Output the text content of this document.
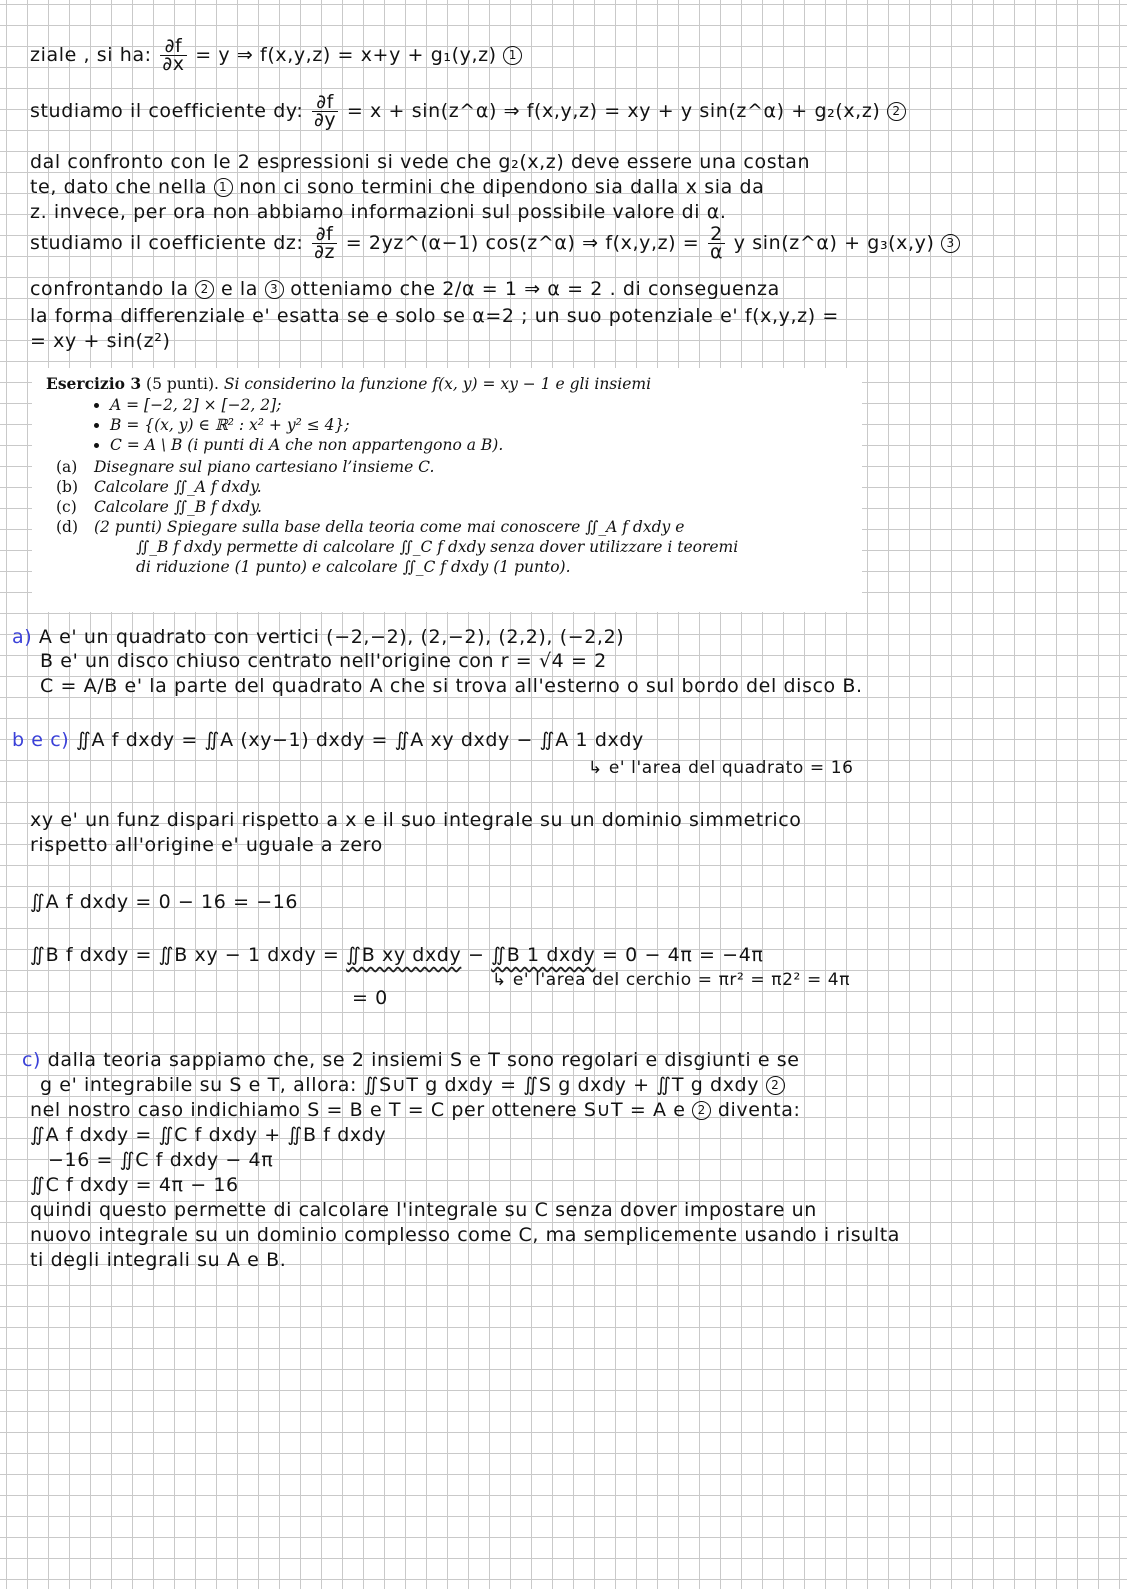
ziale , si ha: $\frac{\partial f}{\partial x} = y$ ⇒ f(x,y,z) = x+y + g₁(y,z) 1
studiamo il coefficiente dy: $\frac{\partial f}{\partial y} = x$ + sin(z^α) ⇒ f(x,y,z) = xy + y sin(z^α) + g₂(x,z) 2
dal confronto con le 2 espressioni si vede che g₂(x,z) deve essere una costan
te, dato che nella 1 non ci sono termini che dipendono sia dalla x sia da
z. invece, per ora non abbiamo informazioni sul possibile valore di α.
studiamo il coefficiente dz: $\frac{\partial f}{\partial z}$ = 2yz^(α−1) cos(z^α) ⇒ $f(x,y,z) = \frac{2}{\alpha}$ y sin(z^α) + g₃(x,y) 3
confrontando la 2 e la 3 otteniamo che 2/α = 1 ⇒ α = 2 . di conseguenza
la forma differenziale e' esatta se e solo se α=2 ; un suo potenziale e' f(x,y,z) =
= xy + sin(z²)
Esercizio 3 (5 punti). Si considerino la funzione f(x, y) = xy − 1 e gli insiemi
• A = [−2, 2] × [−2, 2];
• B = {(x, y) ∈ ℝ² : x² + y² ≤ 4};
• C = A \ B (i punti di A che non appartengono a B).
(a) Disegnare sul piano cartesiano l’insieme C.
(b) Calcolare ∬_A f dxdy.
(c) Calcolare ∬_B f dxdy.
(d) (2 punti) Spiegare sulla base della teoria come mai conoscere ∬_A f dxdy e
∬_B f dxdy permette di calcolare ∬_C f dxdy senza dover utilizzare i teoremi
di riduzione (1 punto) e calcolare ∬_C f dxdy (1 punto).
a) A e' un quadrato con vertici (−2,−2), (2,−2), (2,2), (−2,2)
B e' un disco chiuso centrato nell'origine con r = √4 = 2
C = A/B e' la parte del quadrato A che si trova all'esterno o sul bordo del disco B.
b e c) ∬A f dxdy = ∬A (xy−1) dxdy = ∬A xy dxdy − ∬A 1 dxdy
↳ e' l'area del quadrato = 16
xy e' un funz dispari rispetto a x e il suo integrale su un dominio simmetrico
rispetto all'origine e' uguale a zero
∬A f dxdy = 0 − 16 = −16
∬B f dxdy = ∬B xy − 1 dxdy = ∬B xy dxdy − ∬B 1 dxdy = 0 − 4π = −4π
= 0
↳ e' l'area del cerchio = πr² = π2² = 4π
c) dalla teoria sappiamo che, se 2 insiemi S e T sono regolari e disgiunti e se
g e' integrabile su S e T, allora: ∬S∪T g dxdy = ∬S g dxdy + ∬T g dxdy 2
nel nostro caso indichiamo S = B e T = C per ottenere S∪T = A e 2 diventa:
∬A f dxdy = ∬C f dxdy + ∬B f dxdy
−16 = ∬C f dxdy − 4π
∬C f dxdy = 4π − 16
quindi questo permette di calcolare l'integrale su C senza dover impostare un
nuovo integrale su un dominio complesso come C, ma semplicemente usando i risulta
ti degli integrali su A e B.
